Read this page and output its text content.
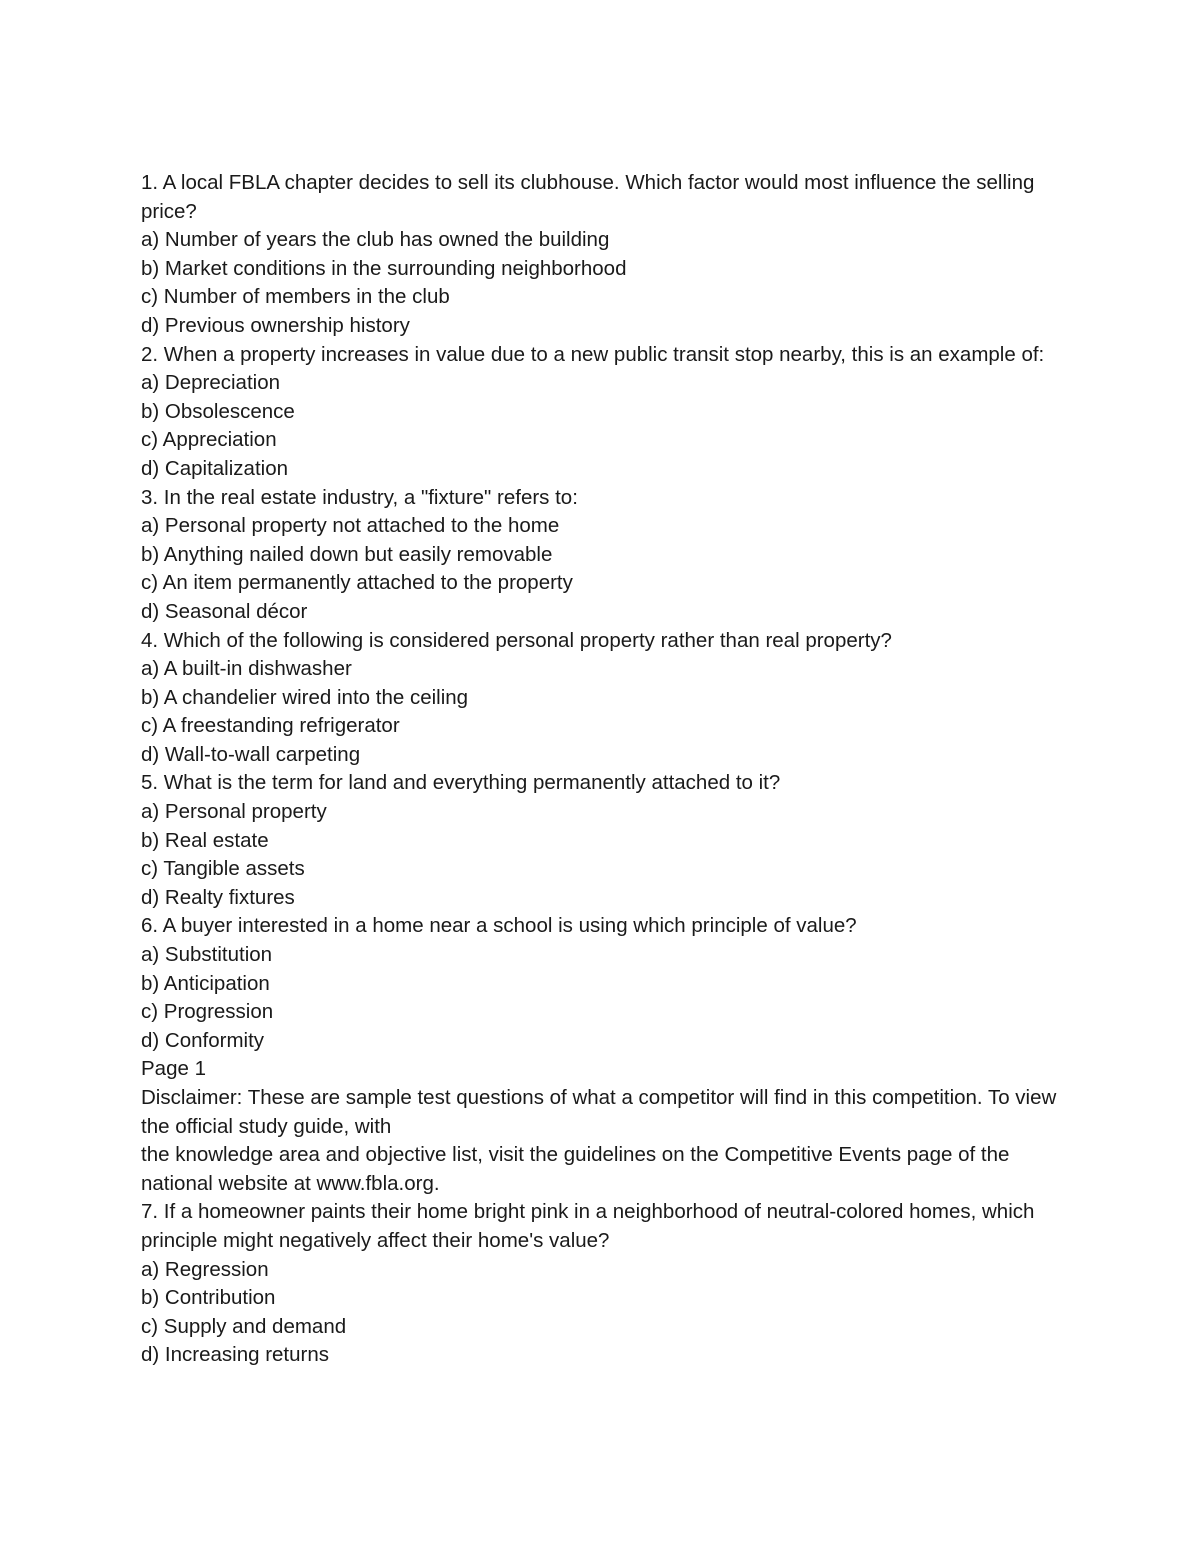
1. A local FBLA chapter decides to sell its clubhouse. Which factor would most influence the selling price?
a) Number of years the club has owned the building
b) Market conditions in the surrounding neighborhood
c) Number of members in the club
d) Previous ownership history
2. When a property increases in value due to a new public transit stop nearby, this is an example of:
a) Depreciation
b) Obsolescence
c) Appreciation
d) Capitalization
3. In the real estate industry, a "fixture" refers to:
a) Personal property not attached to the home
b) Anything nailed down but easily removable
c) An item permanently attached to the property
d) Seasonal décor
4. Which of the following is considered personal property rather than real property?
a) A built-in dishwasher
b) A chandelier wired into the ceiling
c) A freestanding refrigerator
d) Wall-to-wall carpeting
5. What is the term for land and everything permanently attached to it?
a) Personal property
b) Real estate
c) Tangible assets
d) Realty fixtures
6. A buyer interested in a home near a school is using which principle of value?
a) Substitution
b) Anticipation
c) Progression
d) Conformity
Page 1
Disclaimer: These are sample test questions of what a competitor will find in this competition. To view the official study guide, with
the knowledge area and objective list, visit the guidelines on the Competitive Events page of the national website at www.fbla.org.
7. If a homeowner paints their home bright pink in a neighborhood of neutral-colored homes, which principle might negatively affect their home's value?
a) Regression
b) Contribution
c) Supply and demand
d) Increasing returns
